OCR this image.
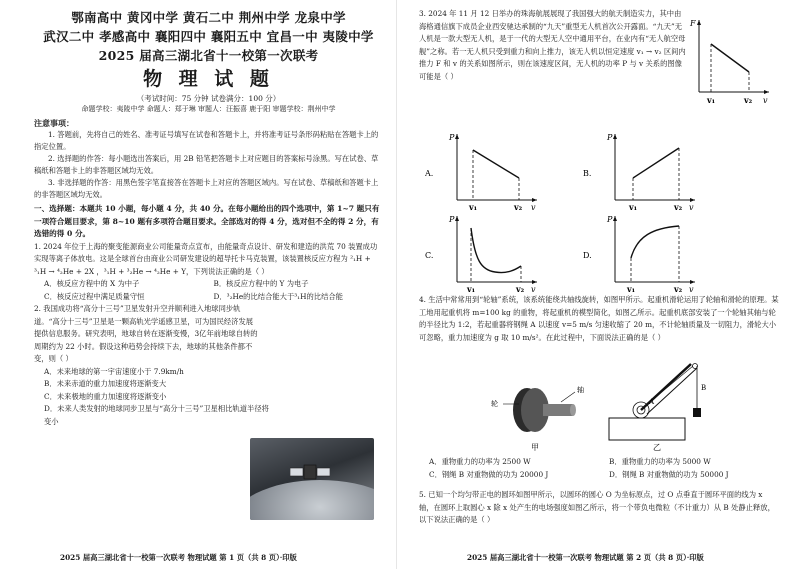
鄂南高中 黄冈中学 黄石二中 荆州中学 龙泉中学
武汉二中 孝感高中 襄阳四中 襄阳五中 宜昌一中 夷陵中学
2025 届高三湖北省十一校第一次联考
物 理 试 题
（考试时间：75 分钟 试卷满分：100 分）
命题学校：夷陵中学 命题人：郑于琳 审题人：汪振喜 鹿于阳 审题学校：荆州中学
注意事项：
1. 答题前，先将自己的姓名、准考证号填写在试卷和答题卡上，并将准考证号条形码粘贴在答题卡上的指定位置。
2. 选择题的作答：每小题选出答案后，用 2B 铅笔把答题卡上对应题目的答案标号涂黑。写在试卷、草稿纸和答题卡上的非答题区域均无效。
3. 非选择题的作答：用黑色签字笔直接答在答题卡上对应的答题区域内。写在试卷、草稿纸和答题卡上的非答题区域均无效。
一、选择题：本题共 10 小题，每小题 4 分，共 40 分。在每小题给出的四个选项中，第 1~7 题只有一项符合题目要求，第 8~10 题有多项符合题目要求。全部选对的得 4 分，选对但不全的得 2 分，有选错的得 0 分。
1. 2024 年位于上海的聚变能源商业公司能量奇点宣布，由能量奇点设计、研发和建造的洪荒 70 装置成功实现等离子体放电。这是全球首台由商业公司研发建设的超导托卡马克装置，该装置核反应方程为 ²₁H + ³₁H → ⁴₂He + 2X ，³₁H + ³₂He → ⁴₂He + Y，下列说法正确的是（ ）
A．核反应方程中的 X 为中子	B．核反应方程中的 Y 为电子
C．核反应过程中满足质量守恒	D．³₂He的比结合能大于³₁H的比结合能
2. 我国成功将“高分十三号”卫星发射升空并顺利进入地球同步轨道。“高分十三号”卫星是一颗高轨光学遥感卫星，可为国民经济发展提供信息服务。研究表明，地球自转在逐渐变慢，3亿年前地球自转的周期约为 22 小时。假设这种趋势会持续下去，地球的其他条件都不变，则（ ）
A．未来地球的第一宇宙速度小于 7.9km/h
B．未来赤道的重力加速度将逐渐变大
C．未来极地的重力加速度将逐渐变小
D．未来人类发射的地球同步卫星与“高分十三号”卫星相比轨道半径将变小
2025 届高三湖北省十一校第一次联考 物理试题 第 1 页（共 8 页）·印版
3. 2024 年 11 月 12 日举办的珠海航展展现了我国强大的航天制造实力，其中由海格通信旗下成员企业西安驰达承制的“九天”重型无人机首次公开露面。“九天”无人机是一款大型无人机，是于一代的大型无人空中通用平台，在业内有“无人航空母舰”之称。若一无人机只受到重力和向上推力，该无人机以恒定速度 v₁ → v₂ 区间内推力 F 和 v 的关系如图所示，则在该速度区间，无人机的功率 P 与 v 关系的图像可能是（ ）
F
v₁	v₂ v
A.
P
v₁	v₂ v
B.
P
v₁	v₂ v
C.
P
v₁	v₂ v
D.
P
v₁	v₂ v
4. 生活中常常用到“轮轴”系统，该系统能绕共轴线旋转，如图甲所示。起重机滑轮运用了轮轴和滑轮的原理。某工地用起重机将 m=100 kg 的重物，将起重机的模型简化，如图乙所示。起重机底部安装了一个轮轴其轴与轮的半径比为 1:2，若起重器将钢绳 A 以速度 v=5 m/s 匀速收缩了 20 m，不计轮轴质量及一切阻力，滑轮大小可忽略，重力加速度为 g 取 10 m/s²。在此过程中，下面说法正确的是（ ）
轮
轴
甲
B
A
乙
A．重物重力的功率为 2500 W	B．重物重力的功率为 5000 W
C．钢绳 B 对重物做的功为 20000 J	D．钢绳 B 对重物做的功为 50000 J
5. 已知一个均匀带正电的圆环如图甲所示，以圆环的圆心 O 为坐标原点，过 O 点垂直于圆环平面的线为 x 轴，在圆环上取圆心 x 除 x 处产生的电场强度如图乙所示，将一个带负电微粒（不计重力）从 B 处静止释放，以下说法正确的是（ ）
2025 届高三湖北省十一校第一次联考 物理试题 第 2 页（共 8 页）·印版
